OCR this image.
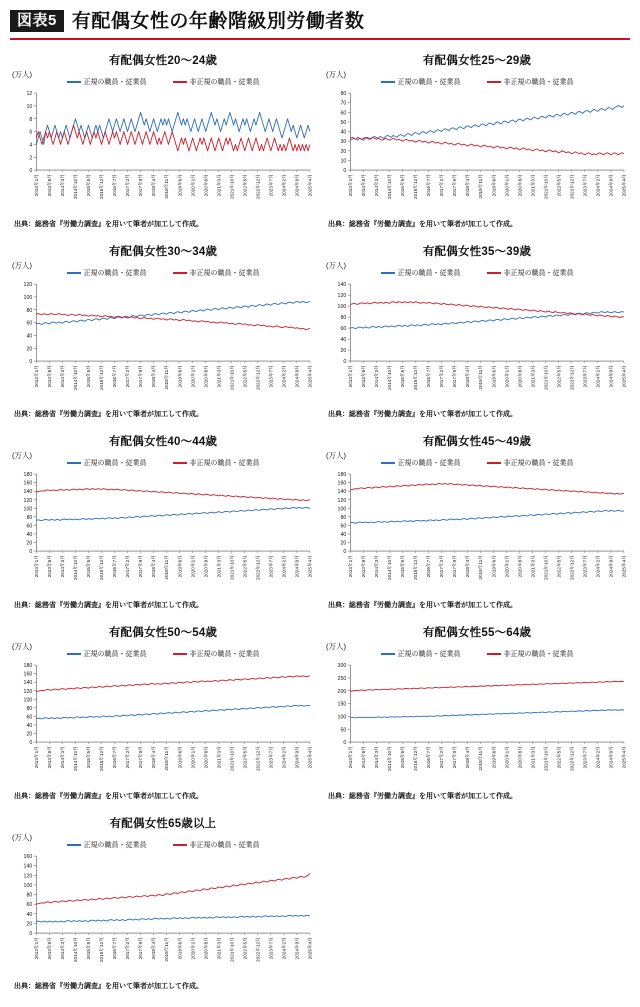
図表5 有配偶女性の年齢階級別労働者数
有配偶女性20〜24歳
(万人)
正規の職員・従業員	非正規の職員・従業員
0
2
4
6
8
10
12
2013年1月 2013年8月 2014年3月 2014年10月 2015年5月 2015年12月 2016年7月 2017年2月 2017年9月 2018年4月 2018年11月 2019年6月 2020年1月 2020年8月 2021年3月 2021年10月 2022年5月 2022年12月 2023年7月 2024年2月 2024年9月 2025年4月
出典：総務省『労働力調査』を用いて筆者が加工して作成。
有配偶女性25〜29歳
(万人)
正規の職員・従業員	非正規の職員・従業員
0
10
20
30
40
50
60
70
80
2013年1月 2013年8月 2014年3月 2014年10月 2015年5月 2015年12月 2016年7月 2017年2月 2017年9月 2018年4月 2018年11月 2019年6月 2020年1月 2020年8月 2021年3月 2021年10月 2022年5月 2022年12月 2023年7月 2024年2月 2024年9月 2025年4月
出典：総務省『労働力調査』を用いて筆者が加工して作成。
有配偶女性30〜34歳
(万人)
正規の職員・従業員	非正規の職員・従業員
0
20
40
60
80
100
120
2013年1月 2013年8月 2014年3月 2014年10月 2015年5月 2015年12月 2016年7月 2017年2月 2017年9月 2018年4月 2018年11月 2019年6月 2020年1月 2020年8月 2021年3月 2021年10月 2022年5月 2022年12月 2023年7月 2024年2月 2024年9月 2025年4月
出典：総務省『労働力調査』を用いて筆者が加工して作成。
有配偶女性35〜39歳
(万人)
正規の職員・従業員	非正規の職員・従業員
0
20
40
60
80
100
120
140
2013年1月 2013年8月 2014年3月 2014年10月 2015年5月 2015年12月 2016年7月 2017年2月 2017年9月 2018年4月 2018年11月 2019年6月 2020年1月 2020年8月 2021年3月 2021年10月 2022年5月 2022年12月 2023年7月 2024年2月 2024年9月 2025年4月
出典：総務省『労働力調査』を用いて筆者が加工して作成。
有配偶女性40〜44歳
(万人)
正規の職員・従業員	非正規の職員・従業員
0
20
40
60
80
100
120
140
160
180
2013年1月 2013年8月 2014年3月 2014年10月 2015年5月 2015年12月 2016年7月 2017年2月 2017年9月 2018年4月 2018年11月 2019年6月 2020年1月 2020年8月 2021年3月 2021年10月 2022年5月 2022年12月 2023年7月 2024年2月 2024年9月 2025年4月
出典：総務省『労働力調査』を用いて筆者が加工して作成。
有配偶女性45〜49歳
(万人)
正規の職員・従業員	非正規の職員・従業員
0
20
40
60
80
100
120
140
160
180
2013年1月 2013年8月 2014年3月 2014年10月 2015年5月 2015年12月 2016年7月 2017年2月 2017年9月 2018年4月 2018年11月 2019年6月 2020年1月 2020年8月 2021年3月 2021年10月 2022年5月 2022年12月 2023年7月 2024年2月 2024年9月 2025年4月
出典：総務省『労働力調査』を用いて筆者が加工して作成。
有配偶女性50〜54歳
(万人)
正規の職員・従業員	非正規の職員・従業員
0
20
40
60
80
100
120
140
160
180
2013年1月 2013年8月 2014年3月 2014年10月 2015年5月 2015年12月 2016年7月 2017年2月 2017年9月 2018年4月 2018年11月 2019年6月 2020年1月 2020年8月 2021年3月 2021年10月 2022年5月 2022年12月 2023年7月 2024年2月 2024年9月 2025年4月
出典：総務省『労働力調査』を用いて筆者が加工して作成。
有配偶女性55〜64歳
(万人)
正規の職員・従業員	非正規の職員・従業員
0
50
100
150
200
250
300
2013年1月 2013年8月 2014年3月 2014年10月 2015年5月 2015年12月 2016年7月 2017年2月 2017年9月 2018年4月 2018年11月 2019年6月 2020年1月 2020年8月 2021年3月 2021年10月 2022年5月 2022年12月 2023年7月 2024年2月 2024年9月 2025年4月
出典：総務省『労働力調査』を用いて筆者が加工して作成。
有配偶女性65歳以上
(万人)
正規の職員・従業員	非正規の職員・従業員
0
20
40
60
80
100
120
140
160
2013年1月 2013年8月 2014年3月 2014年10月 2015年5月 2015年12月 2016年7月 2017年2月 2017年9月 2018年4月 2018年11月 2019年6月 2020年1月 2020年8月 2021年3月 2021年10月 2022年5月 2022年12月 2023年7月 2024年2月 2024年9月 2025年4月
出典：総務省『労働力調査』を用いて筆者が加工して作成。
